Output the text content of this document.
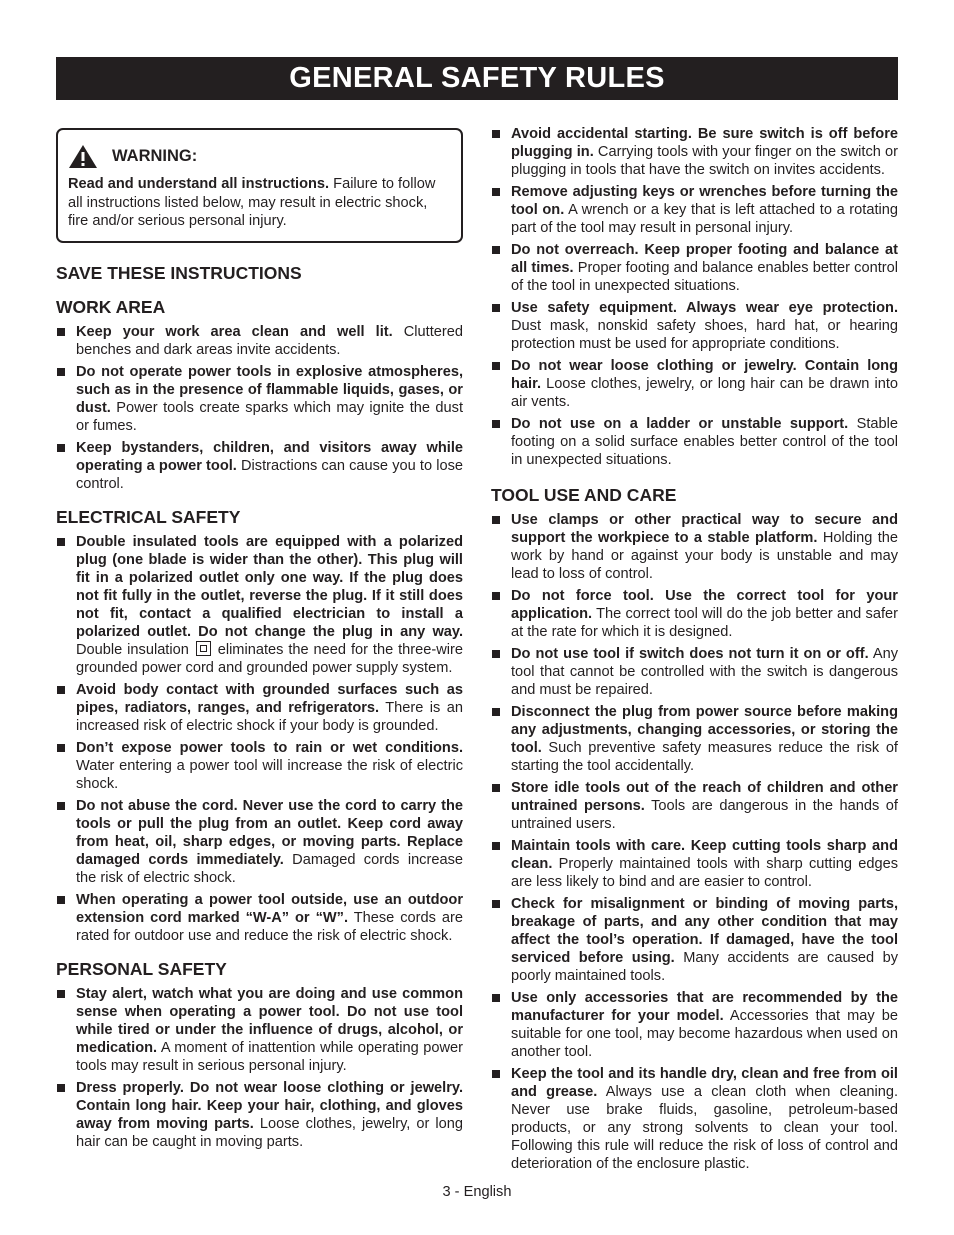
GENERAL SAFETY RULES
WARNING:
Read and understand all instructions. Failure to follow all instructions listed below, may result in electric shock, fire and/or serious personal injury.
SAVE THESE INSTRUCTIONS
WORK AREA
Keep your work area clean and well lit. Cluttered benches and dark areas invite accidents.
Do not operate power tools in explosive atmospheres, such as in the presence of flammable liquids, gases, or dust. Power tools create sparks which may ignite the dust or fumes.
Keep bystanders, children, and visitors away while operating a power tool. Distractions can cause you to lose control.
ELECTRICAL SAFETY
Double insulated tools are equipped with a polarized plug (one blade is wider than the other). This plug will fit in a polarized outlet only one way. If the plug does not fit fully in the outlet, reverse the plug. If it still does not fit, contact a qualified electrician to install a polarized outlet. Do not change the plug in any way. Double insulation  eliminates the need for the three-wire grounded power cord and grounded power supply system.
Avoid body contact with grounded surfaces such as pipes, radiators, ranges, and refrigerators. There is an increased risk of electric shock if your body is grounded.
Don’t expose power tools to rain or wet conditions. Water entering a power tool will increase the risk of electric shock.
Do not abuse the cord. Never use the cord to carry the tools or pull the plug from an outlet. Keep cord away from heat, oil, sharp edges, or moving parts. Replace damaged cords immediately. Damaged cords increase the risk of electric shock.
When operating a power tool outside, use an outdoor extension cord marked “W-A” or “W”. These cords are rated for outdoor use and reduce the risk of electric shock.
PERSONAL SAFETY
Stay alert, watch what you are doing and use common sense when operating a power tool. Do not use tool while tired or under the influence of drugs, alcohol, or medication. A moment of inattention while operating power tools may result in serious personal injury.
Dress properly. Do not wear loose clothing or jewelry. Contain long hair. Keep your hair, clothing, and gloves away from moving parts. Loose clothes, jewelry, or long hair can be caught in moving parts.
Avoid accidental starting. Be sure switch is off before plugging in. Carrying tools with your finger on the switch or plugging in tools that have the switch on invites accidents.
Remove adjusting keys or wrenches before turning the tool on. A wrench or a key that is left attached to a rotating part of the tool may result in personal injury.
Do not overreach. Keep proper footing and balance at all times. Proper footing and balance enables better control of the tool in unexpected situations.
Use safety equipment. Always wear eye protection. Dust mask, nonskid safety shoes, hard hat, or hearing protection must be used for appropriate conditions.
Do not wear loose clothing or jewelry. Contain long hair. Loose clothes, jewelry, or long hair can be drawn into air vents.
Do not use on a ladder or unstable support. Stable footing on a solid surface enables better control of the tool in unexpected situations.
TOOL USE AND CARE
Use clamps or other practical way to secure and support the workpiece to a stable platform. Holding the work by hand or against your body is unstable and may lead to loss of control.
Do not force tool. Use the correct tool for your application. The correct tool will do the job better and safer at the rate for which it is designed.
Do not use tool if switch does not turn it on or off. Any tool that cannot be controlled with the switch is dangerous and must be repaired.
Disconnect the plug from power source before making any adjustments, changing accessories, or storing the tool. Such preventive safety measures reduce the risk of starting the tool accidentally.
Store idle tools out of the reach of children and other untrained persons. Tools are dangerous in the hands of untrained users.
Maintain tools with care. Keep cutting tools sharp and clean. Properly maintained tools with sharp cutting edges are less likely to bind and are easier to control.
Check for misalignment or binding of moving parts, breakage of parts, and any other condition that may affect the tool’s operation. If damaged, have the tool serviced before using. Many accidents are caused by poorly maintained tools.
Use only accessories that are recommended by the manufacturer for your model. Accessories that may be suitable for one tool, may become hazardous when used on another tool.
Keep the tool and its handle dry, clean and free from oil and grease. Always use a clean cloth when cleaning. Never use brake fluids, gasoline, petroleum-based products, or any strong solvents to clean your tool. Following this rule will reduce the risk of loss of control and deterioration of the enclosure plastic.
3 - English
